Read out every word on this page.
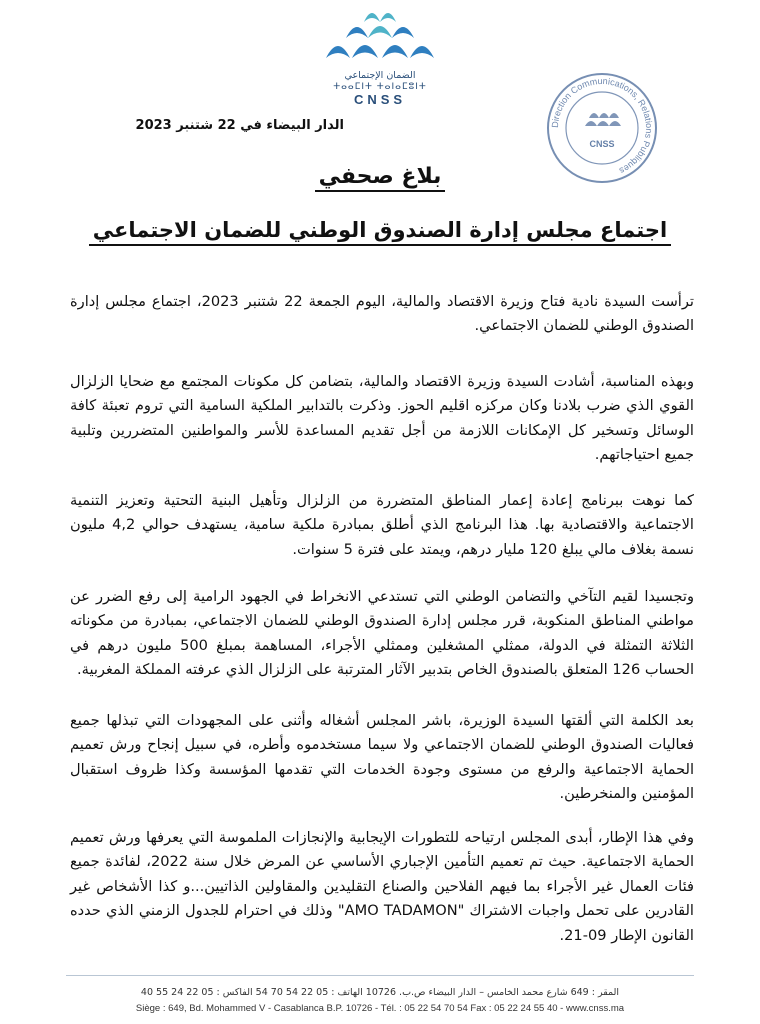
الضمان الإجتماعي
ⵜⴰⴰⵎⵏⵜ ⵜⴰⵏⴰⵎⵓⵏⵜ
CNSS
Direction Communications, Relations Publiques
CNSS
الدار البيضاء في 22 شتنبر 2023
بلاغ صحفي
اجتماع مجلس إدارة الصندوق الوطني للضمان الاجتماعي

ترأست السيدة نادية فتاح وزيرة الاقتصاد والمالية، اليوم الجمعة 22 شتنبر 2023، اجتماع مجلس إدارة الصندوق الوطني للضمان الاجتماعي.

وبهذه المناسبة، أشادت السيدة وزيرة الاقتصاد والمالية، بتضامن كل مكونات المجتمع مع ضحايا الزلزال القوي الذي ضرب بلادنا وكان مركزه اقليم الحوز. وذكرت بالتدابير الملكية السامية التي تروم تعبئة كافة الوسائل وتسخير كل الإمكانات اللازمة من أجل تقديم المساعدة للأسر والمواطنين المتضررين وتلبية جميع احتياجاتهم.

كما نوهت ببرنامج إعادة إعمار المناطق المتضررة من الزلزال وتأهيل البنية التحتية وتعزيز التنمية الاجتماعية والاقتصادية بها. هذا البرنامج الذي أطلق بمبادرة ملكية سامية، يستهدف حوالي 4,2 مليون نسمة بغلاف مالي يبلغ 120 مليار درهم، ويمتد على فترة 5 سنوات.

وتجسيدا لقيم التآخي والتضامن الوطني التي تستدعي الانخراط في الجهود الرامية إلى رفع الضرر عن مواطني المناطق المنكوبة، قرر مجلس إدارة الصندوق الوطني للضمان الاجتماعي، بمبادرة من مكوناته الثلاثة التمثلة في الدولة، ممثلي المشغلين وممثلي الأجراء، المساهمة بمبلغ 500 مليون درهم في الحساب 126 المتعلق بالصندوق الخاص بتدبير الآثار المترتبة على الزلزال الذي عرفته المملكة المغربية.

بعد الكلمة التي ألقتها السيدة الوزيرة، باشر المجلس أشغاله وأثنى على المجهودات التي تبذلها جميع فعاليات الصندوق الوطني للضمان الاجتماعي ولا سيما مستخدموه وأطره، في سبيل إنجاح ورش تعميم الحماية الاجتماعية والرفع من مستوى وجودة الخدمات التي تقدمها المؤسسة وكذا ظروف استقبال المؤمنين والمنخرطين.

وفي هذا الإطار، أبدى المجلس ارتياحه للتطورات الإيجابية والإنجازات الملموسة التي يعرفها ورش تعميم الحماية الاجتماعية. حيث تم تعميم التأمين الإجباري الأساسي عن المرض خلال سنة 2022، لفائدة جميع فئات العمال غير الأجراء بما فيهم الفلاحين والصناع التقليدين والمقاولين الذاتيين...و كذا الأشخاص غير القادرين على تحمل واجبات الاشتراك "AMO TADAMON" وذلك في احترام للجدول الزمني الذي حدده القانون الإطار 09-21.

المقر : 649 شارع محمد الخامس – الدار البيضاء ص.ب. 10726 الهاتف : 05 22 54 70 54 الفاكس : 05 22 24 55 40
Siège : 649, Bd. Mohammed V - Casablanca B.P. 10726 - Tél. : 05 22 54 70 54 Fax : 05 22 24 55 40 - www.cnss.ma
